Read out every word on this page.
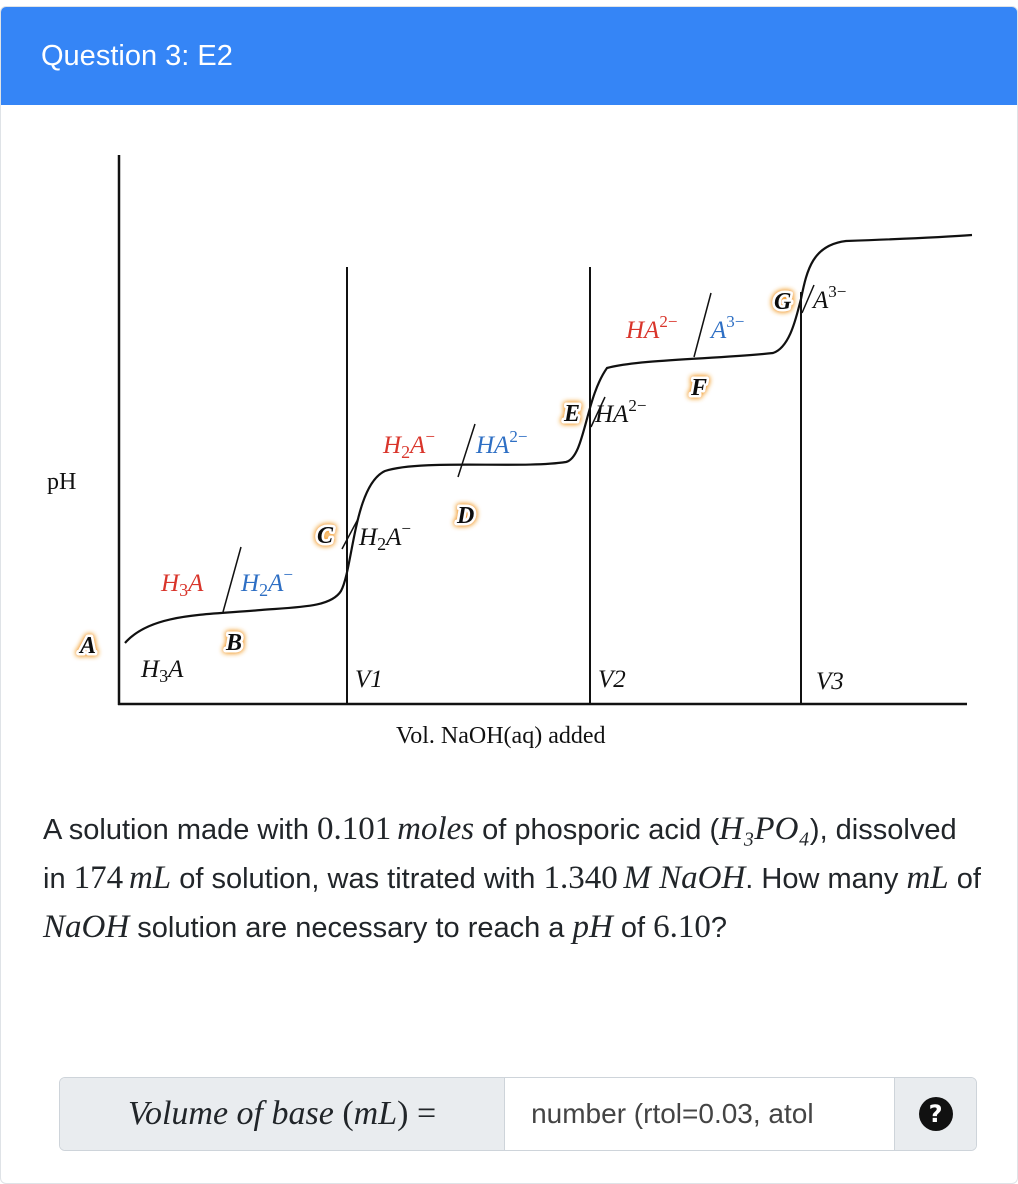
Question 3: E2
pH
Vol. NaOH(aq) added
V1	V2	V3
A	B
C
D
E
F
G
$H_3A$
$H_3A$ $H_2A^-$
$H_2A^-$
$H_2A^-$ $HA^{2-}$
$HA^{2-}$
$HA^{2-}$ $A^{3-}$
$A^{3-}$
A solution made with 0.101  moles of phosporic acid (H₃PO₄), dissolved in 174  mL of solution, was titrated with 1.340  M NaOH. How many mL of NaOH solution are necessary to reach a pH of 6.10?
Volume of base ( mL ) =
number (rtol=0.03, atol	?
